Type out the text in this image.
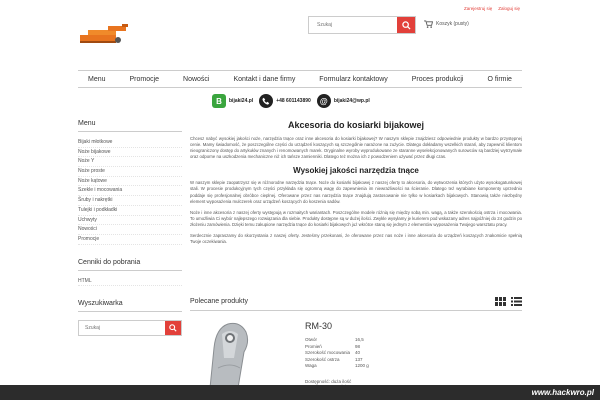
Zarejestruj się Zaloguj się
Szukaj
Koszyk (pusty)
Menu	Promocje	Nowości	Kontakt i dane firmy	Formularz kontaktowy	Proces produkcji	O firmie
B	bijaki24.pl	+48 601143890	@	bijaki24@wp.pl
Menu
Bijaki młotkowe
Noże bijakowe
Noże Y
Noże proste
Noże kątowe
Szekle i mocowania
Śruby i nakrętki
Tulejki i podkładki
Uchwyty
Nowości
Promocje
Cenniki do pobrania
HTML
Wyszukiwarka
Szukaj
Akcesoria do kosiarki bijakowej

Chcesz nabyć wysokiej jakości noże, narzędzia tnące oraz inne akcesoria do kosiarki bijakowej? W naszym sklepie znajdziesz odpowiednie produkty w bardzo przystępnej cenie. Mamy świadomość, że poszczególne części do urządzeń koszących są szczególnie narażone na zużycie. Dlatego dokładamy wszelkich starań, aby zapewnić klientom nieograniczony dostęp do artykułów znanych i renomowanych marek. Oryginalne wyroby wyprodukowane ze staranne wyselekcjonowanych surowców są bardziej wytrzymałe oraz odporne na uszkodzenia mechaniczne niż ich tańsze zamienniki. Dlatego też można ich z powodzeniem używać przez długi czas.

Wysokiej jakości narzędzia tnące

W naszym sklepie zaopatrzysz się w różnorodne narzędzia tnące. Noże do kosiarki bijakowej z naszej oferty to akcesoria, do wytworzenia których użyto wysokogatunkowej stali. W procesie produkcyjnym tych części przykłada się ogromną wagę do zapewnienia im niewrażliwości na ścieranie. Dlatego też wyrabiane komponenty uprzednio poddaje się profesjonalnej obróbce cieplnej. Oferowane przez nas narzędzia tnące znajdują zastosowanie nie tylko w kosiarkach bijakowych. Stanowią także niezbędny element wyposażenia mulczerek oraz urządzeń koszących do koszenia sadów.

Noże i inne akcesoria z naszej oferty występują w rozmaitych wariantach. Poszczególne modele różnią się między sobą min. wagą, a także szerokością ostrza i mocowania. To umożliwia Ci wybór najlepszego rozwiązania dla siebie. Produkty dostępne są w dużej ilości. Zwykle wysyłamy je kurierem pod wskazany adres najpóźniej do 24 godzin po złożeniu zamówienia. Dzięki temu zakupione narzędzia tnące do kosiarki bijakowych już wkrótce staną się jednym z elementów wyposażenia Twojego warsztatu pracy.

Serdecznie zapraszamy do skorzystania z naszej oferty. Jesteśmy przekonani, że oferowane przez nas noże i inne akcesoria do urządzeń koszących znakomicie spełnią Twoje oczekiwania.

Polecane produkty
RM-30
Otwór	16,5
Promień	98
Szerokość mocowania	40
Szerokość ostrza	137
Waga	1200 g
Dostępność: duża ilość
www.hackwro.pl
